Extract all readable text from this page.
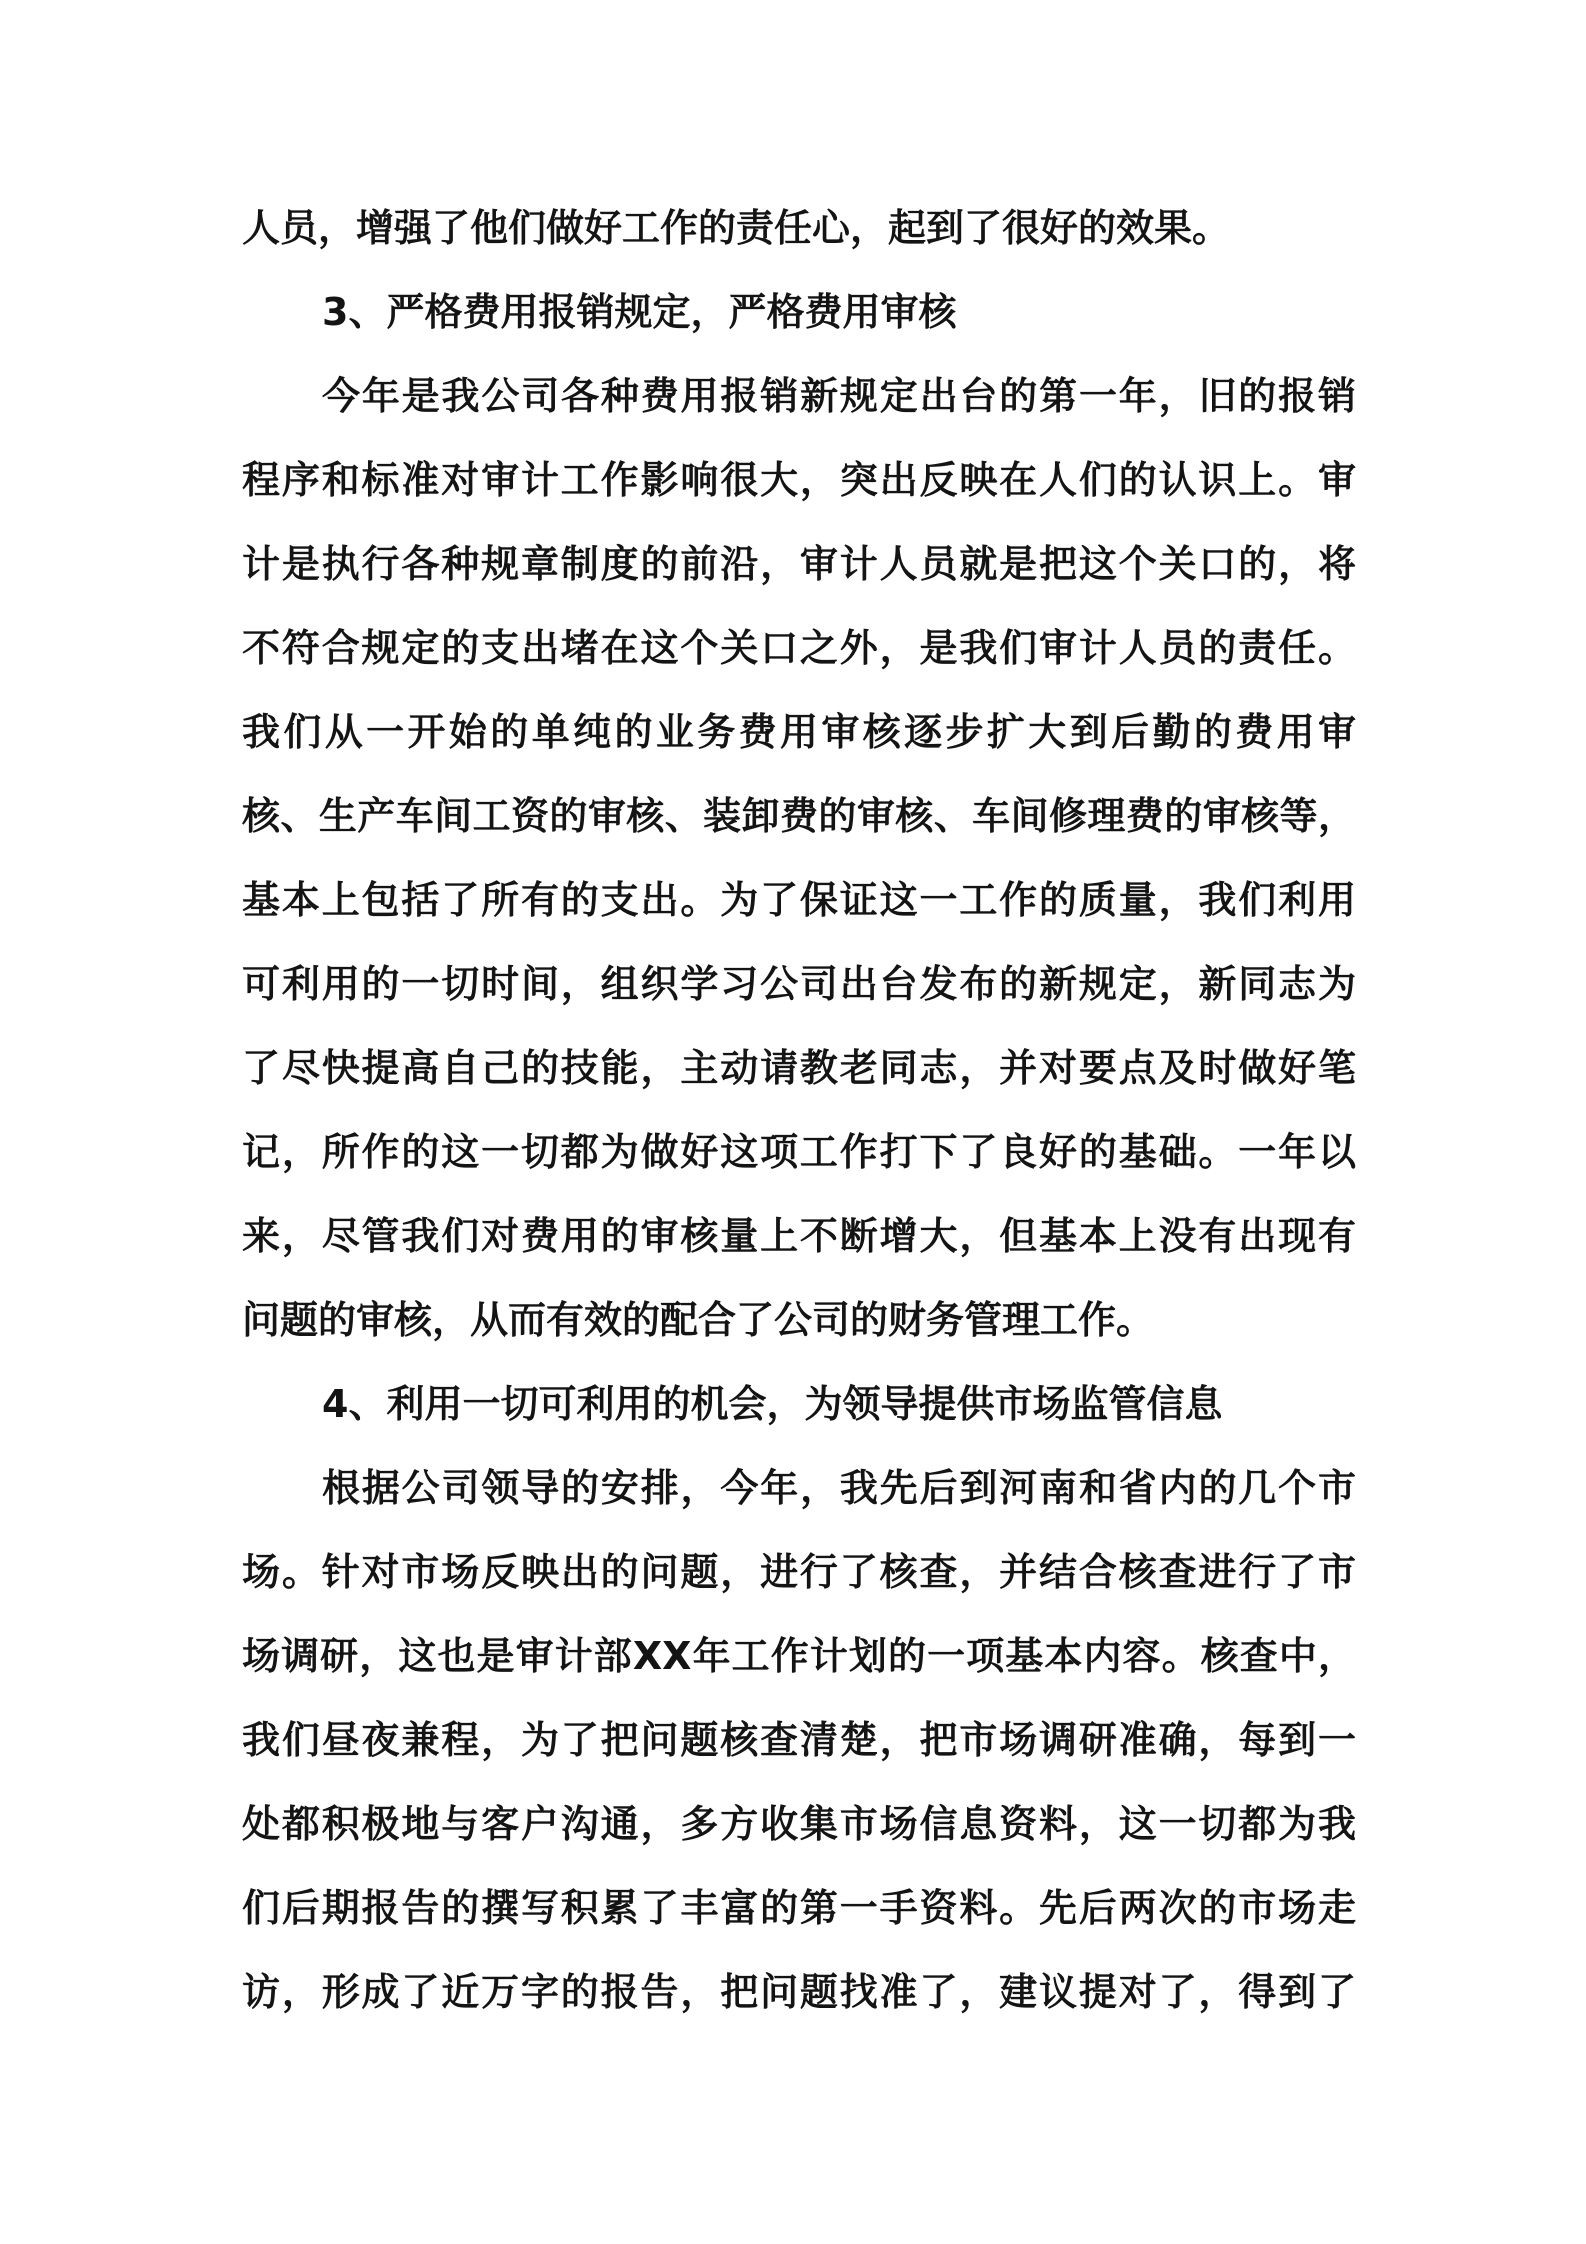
人员，增强了他们做好工作的责任心，起到了很好的效果。
3、严格费用报销规定，严格费用审核
今年是我公司各种费用报销新规定出台的第一年，旧的报销
程序和标准对审计工作影响很大，突出反映在人们的认识上。审
计是执行各种规章制度的前沿，审计人员就是把这个关口的，将
不符合规定的支出堵在这个关口之外，是我们审计人员的责任。
我们从一开始的单纯的业务费用审核逐步扩大到后勤的费用审
核、生产车间工资的审核、装卸费的审核、车间修理费的审核等，
基本上包括了所有的支出。为了保证这一工作的质量，我们利用
可利用的一切时间，组织学习公司出台发布的新规定，新同志为
了尽快提高自己的技能，主动请教老同志，并对要点及时做好笔
记，所作的这一切都为做好这项工作打下了良好的基础。一年以
来，尽管我们对费用的审核量上不断增大，但基本上没有出现有
问题的审核，从而有效的配合了公司的财务管理工作。
4、利用一切可利用的机会，为领导提供市场监管信息
根据公司领导的安排，今年，我先后到河南和省内的几个市
场。针对市场反映出的问题，进行了核查，并结合核查进行了市
场调研，这也是审计部XX年工作计划的一项基本内容。核查中，
我们昼夜兼程，为了把问题核查清楚，把市场调研准确，每到一
处都积极地与客户沟通，多方收集市场信息资料，这一切都为我
们后期报告的撰写积累了丰富的第一手资料。先后两次的市场走
访，形成了近万字的报告，把问题找准了，建议提对了，得到了
